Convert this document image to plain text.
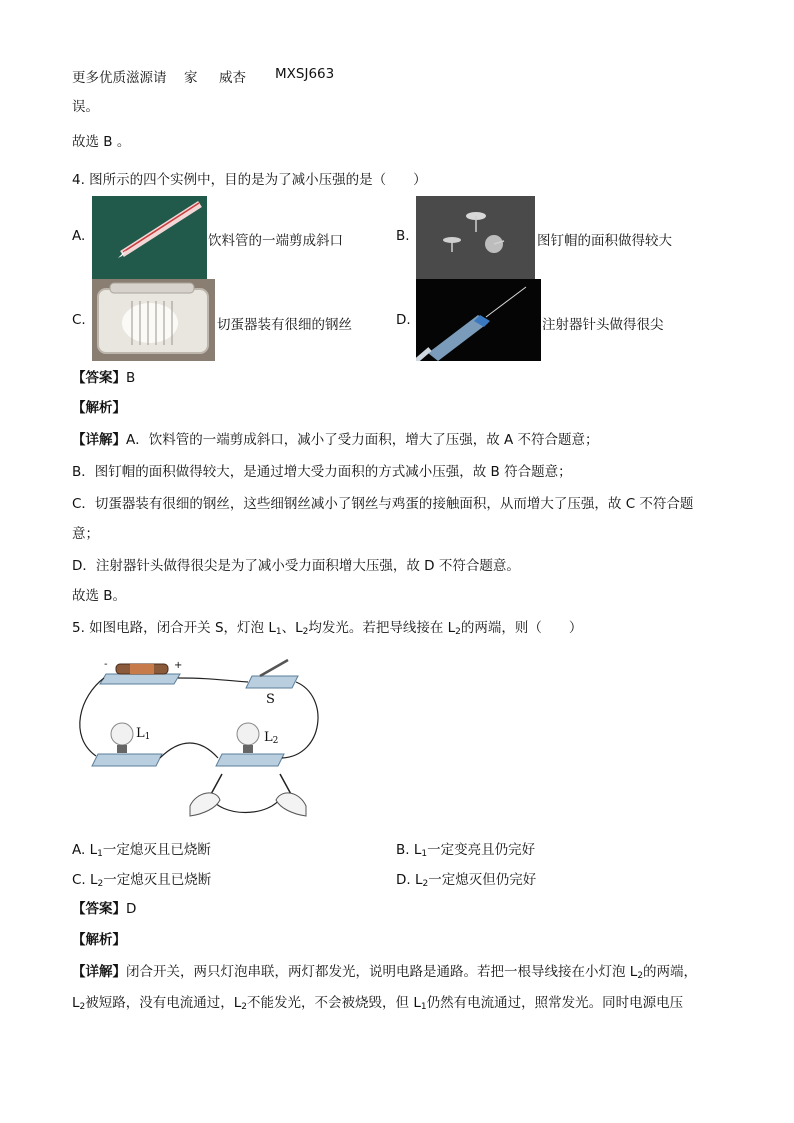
更多优质滋源请 家 威杏 MXSJ663
误。
故选 B 。
4. 图所示的四个实例中，目的是为了减小压强的是（　　）
A.	饮料管的一端剪成斜口	B.	图钉帽的面积做得较大
C.	切蛋器装有很细的钢丝	D.	注射器针头做得很尖
【答案】B
【解析】
【详解】A．饮料管的一端剪成斜口，减小了受力面积，增大了压强，故 A 不符合题意；
B．图钉帽的面积做得较大，是通过增大受力面积的方式减小压强，故 B 符合题意；
C．切蛋器装有很细的钢丝，这些细钢丝减小了钢丝与鸡蛋的接触面积，从而增大了压强，故 C 不符合题
意；
D．注射器针头做得很尖是为了减小受力面积增大压强，故 D 不符合题意。
故选 B。
5. 如图电路，闭合开关 S，灯泡 $L_1$、$L_2$均发光。若把导线接在 $L_2$的两端，则（　　）
-	+
S
$L_1$	$L_2$
A. $L_1$一定熄灭且已烧断	B. $L_1$一定变亮且仍完好
C. $L_2$一定熄灭且已烧断	D. $L_2$一定熄灭但仍完好
【答案】D
【解析】
【详解】闭合开关，两只灯泡串联，两灯都发光，说明电路是通路。若把一根导线接在小灯泡 $L_2$的两端，
$L_2$被短路，没有电流通过，$L_2$不能发光，不会被烧毁，但 $L_1$仍然有电流通过，照常发光。同时电源电压
